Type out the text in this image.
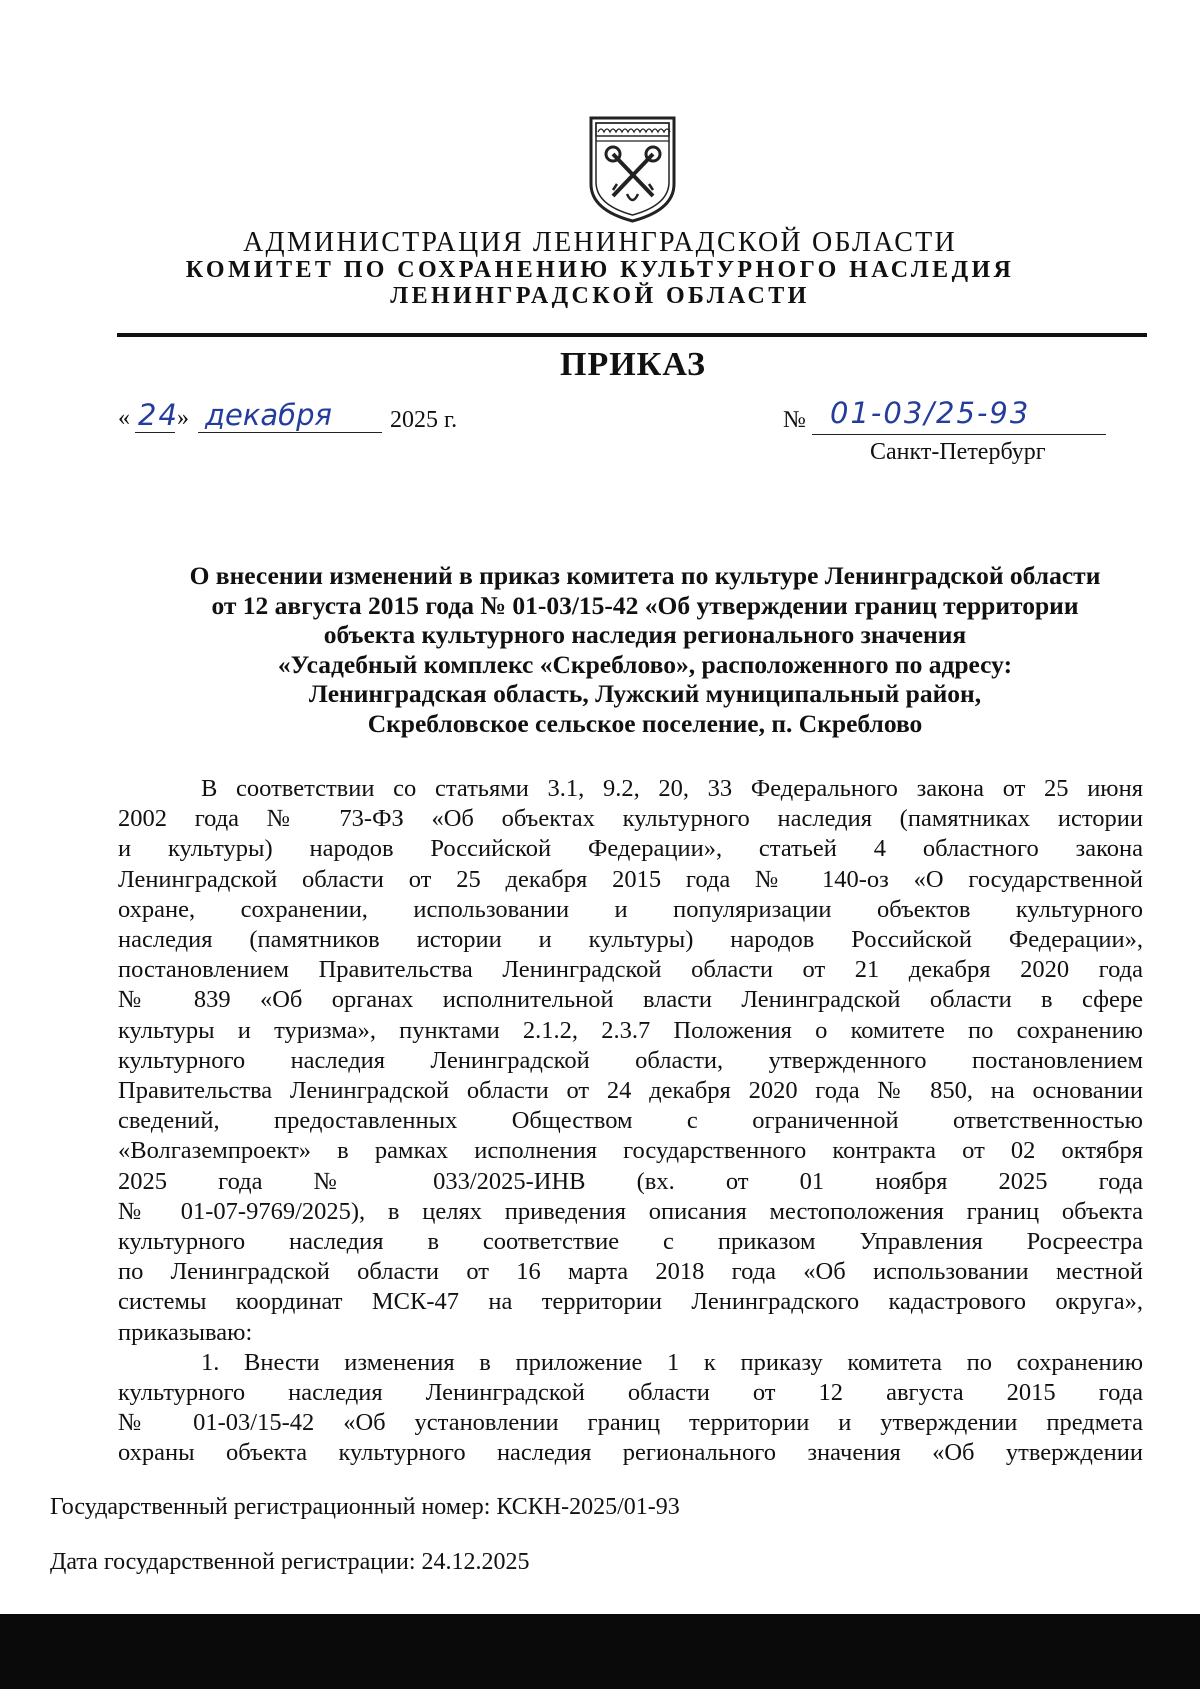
АДМИНИСТРАЦИЯ ЛЕНИНГРАДСКОЙ ОБЛАСТИ
КОМИТЕТ ПО СОХРАНЕНИЮ КУЛЬТУРНОГО НАСЛЕДИЯ
ЛЕНИНГРАДСКОЙ ОБЛАСТИ
ПРИКАЗ
« 24
» декабря 2025 г.	№ 01-03/25-93
Санкт-Петербург
О внесении изменений в приказ комитета по культуре Ленинградской области
от 12 августа 2015 года № 01-03/15-42 «Об утверждении границ территории
объекта культурного наследия регионального значения
«Усадебный комплекс «Скреблово», расположенного по адресу:
Ленинградская область, Лужский муниципальный район,
Скребловское сельское поселение, п. Скреблово
В соответствии со статьями 3.1, 9.2, 20, 33 Федерального закона от 25 июня
2002 года № 73-ФЗ «Об объектах культурного наследия (памятниках истории
и культуры) народов Российской Федерации», статьей 4 областного закона
Ленинградской области от 25 декабря 2015 года № 140-оз «О государственной
охране, сохранении, использовании и популяризации объектов культурного
наследия (памятников истории и культуры) народов Российской Федерации»,
постановлением Правительства Ленинградской области от 21 декабря 2020 года
№ 839 «Об органах исполнительной власти Ленинградской области в сфере
культуры и туризма», пунктами 2.1.2, 2.3.7 Положения о комитете по сохранению
культурного наследия Ленинградской области, утвержденного постановлением
Правительства Ленинградской области от 24 декабря 2020 года № 850, на основании
сведений, предоставленных Обществом с ограниченной ответственностью
«Волгаземпроект» в рамках исполнения государственного контракта от 02 октября
2025 года № 033/2025-ИНВ (вх. от 01 ноября 2025 года
№ 01-07-9769/2025), в целях приведения описания местоположения границ объекта
культурного наследия в соответствие с приказом Управления Росреестра
по Ленинградской области от 16 марта 2018 года «Об использовании местной
системы координат МСК-47 на территории Ленинградского кадастрового округа»,
приказываю:
1. Внести изменения в приложение 1 к приказу комитета по сохранению
культурного наследия Ленинградской области от 12 августа 2015 года
№ 01-03/15-42 «Об установлении границ территории и утверждении предмета
охраны объекта культурного наследия регионального значения «Об утверждении
Государственный регистрационный номер: КСКН-2025/01-93
Дата государственной регистрации: 24.12.2025
